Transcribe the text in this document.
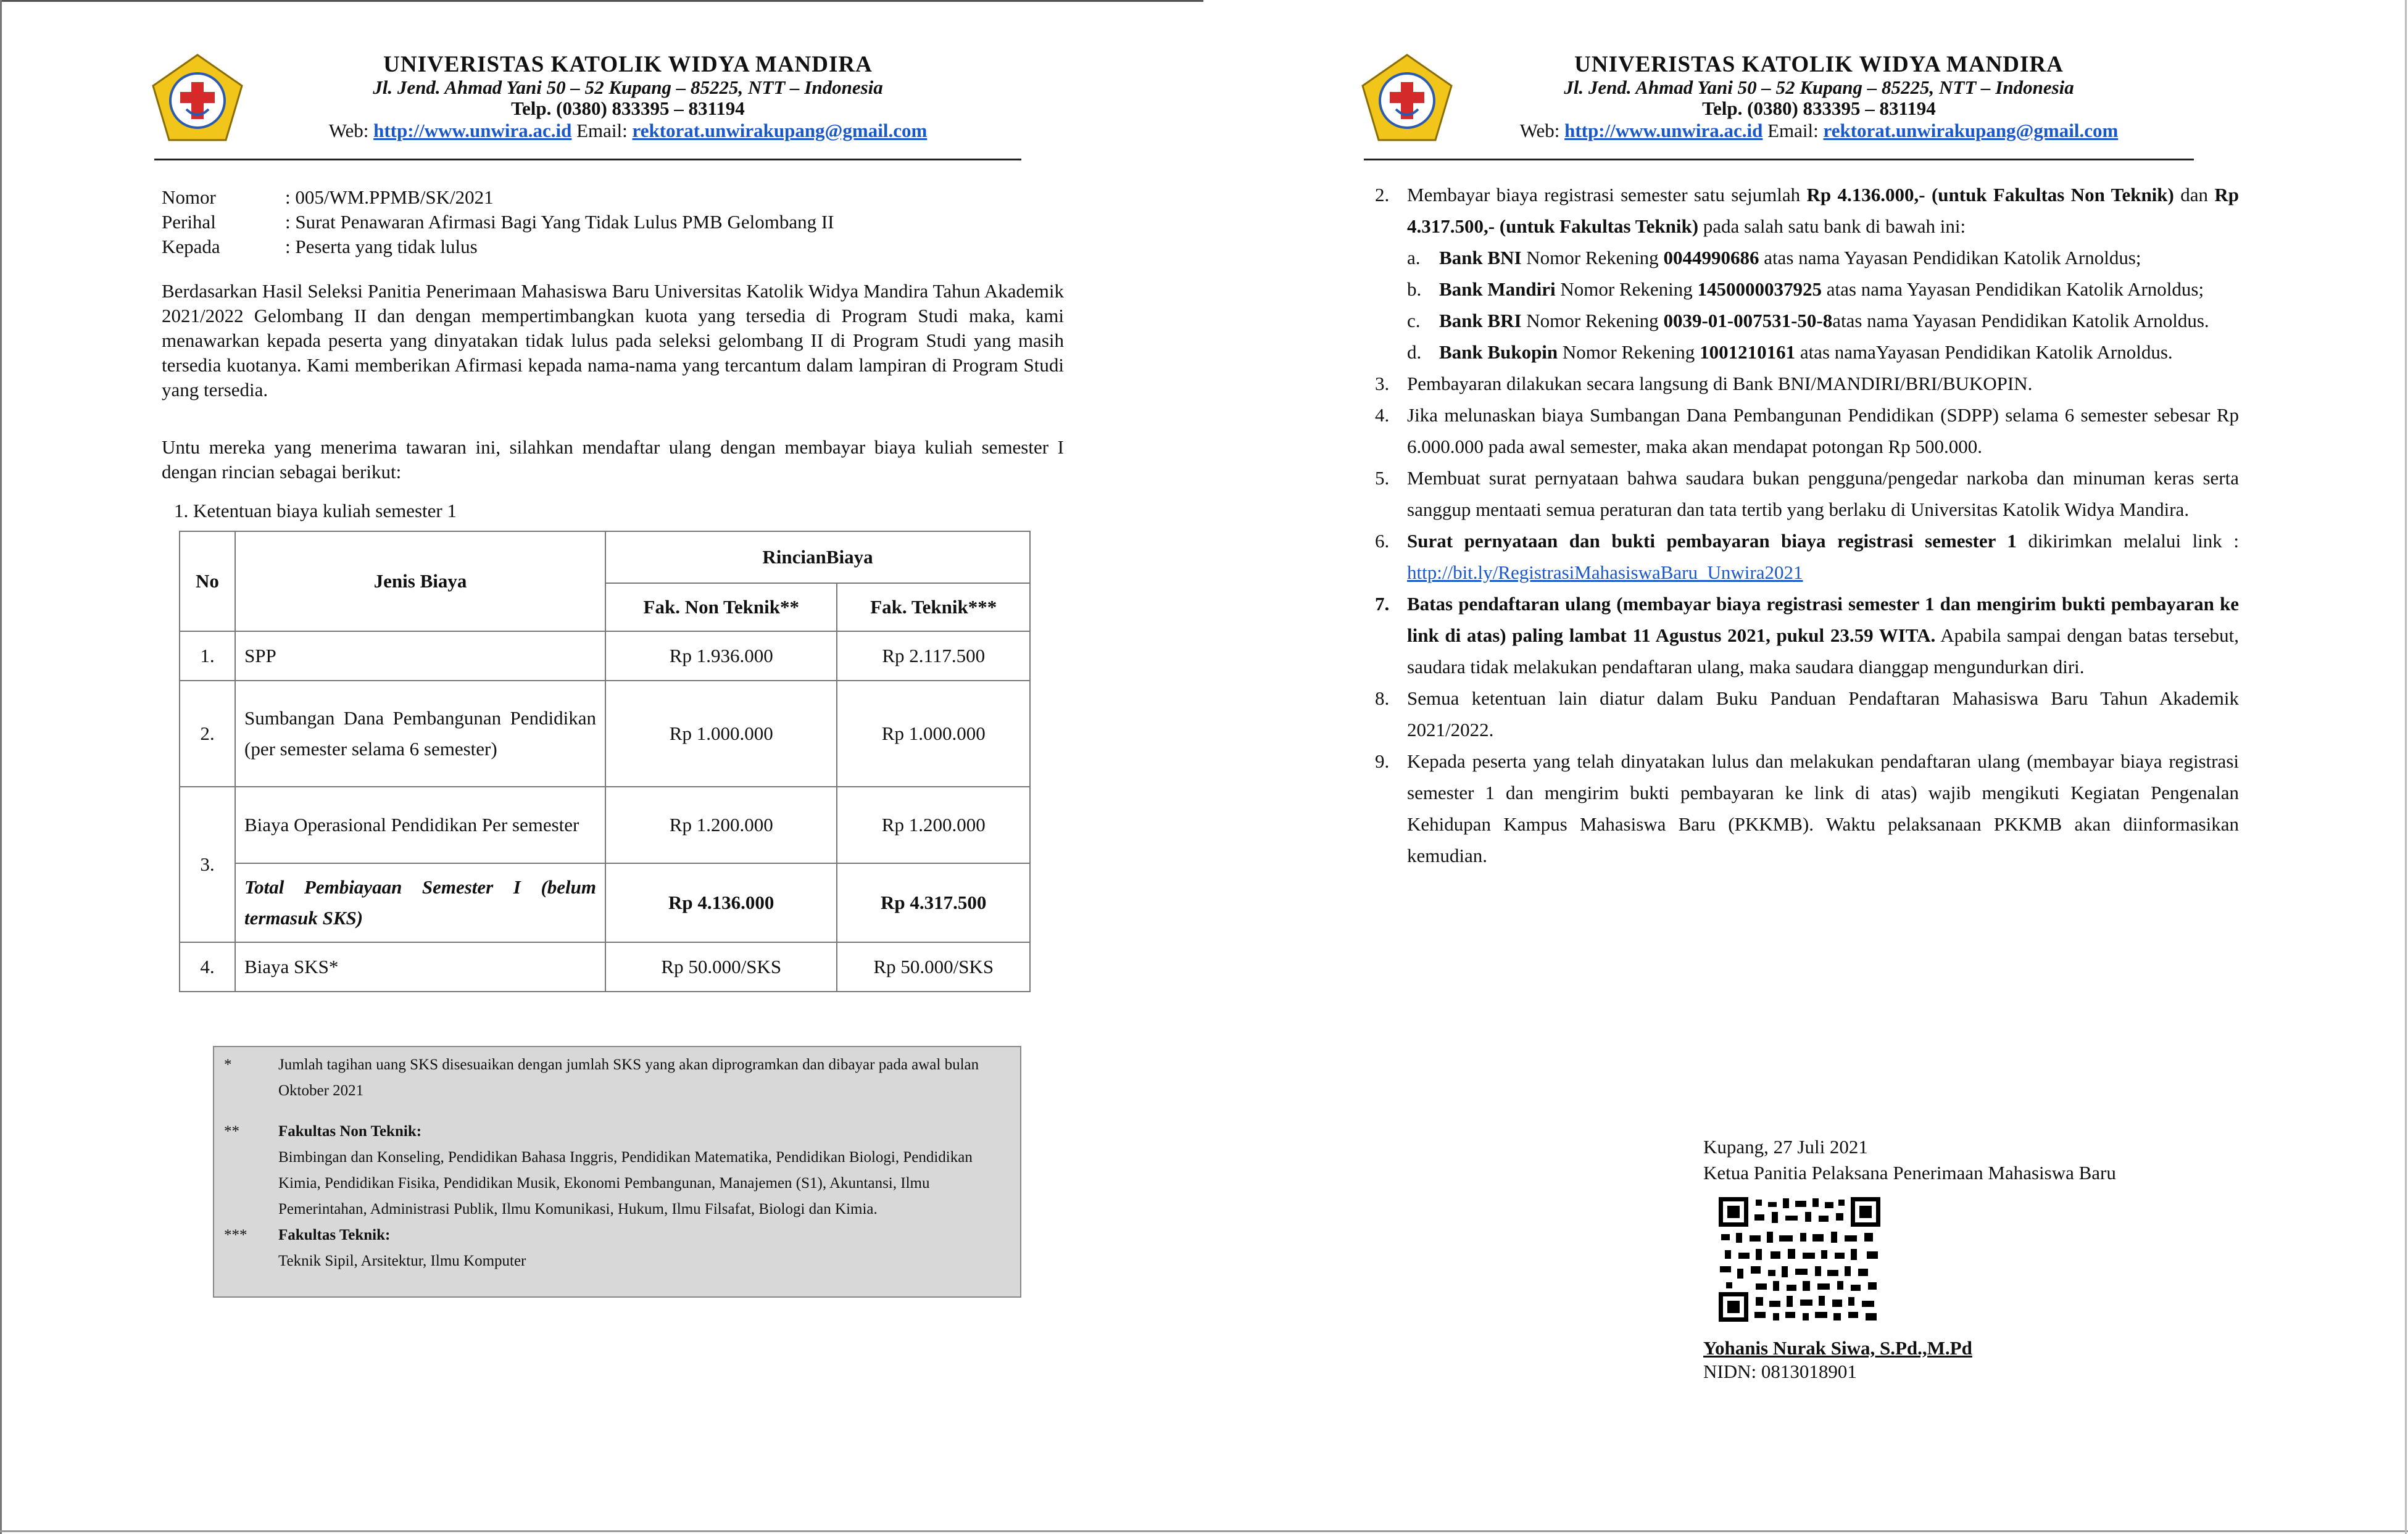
UNIVERISTAS KATOLIK WIDYA MANDIRA
Jl. Jend. Ahmad Yani 50 – 52 Kupang – 85225, NTT – Indonesia
Telp. (0380) 833395 – 831194
Web: http://www.unwira.ac.id Email: rektorat.unwirakupang@gmail.com
Nomor	: 005/WM.PPMB/SK/2021
Perihal	: Surat Penawaran Afirmasi Bagi Yang Tidak Lulus PMB Gelombang II
Kepada	: Peserta yang tidak lulus
Berdasarkan Hasil Seleksi Panitia Penerimaan Mahasiswa Baru Universitas Katolik Widya Mandira Tahun Akademik 2021/2022 Gelombang II dan dengan mempertimbangkan kuota yang tersedia di Program Studi maka, kami menawarkan kepada peserta yang dinyatakan tidak lulus pada seleksi gelombang II di Program Studi yang masih tersedia kuotanya. Kami memberikan Afirmasi kepada nama-nama yang tercantum dalam lampiran di Program Studi yang tersedia.
Untu mereka yang menerima tawaran ini, silahkan mendaftar ulang dengan membayar biaya kuliah semester I dengan rincian sebagai berikut:
1. Ketentuan biaya kuliah semester 1
No	Jenis Biaya	RincianBiaya	
		Fak. Non Teknik**	Fak. Teknik***
1.	SPP	Rp 1.936.000	Rp 2.117.500
2.	Sumbangan Dana Pembangunan Pendidikan (per semester selama 6 semester)	Rp 1.000.000	Rp 1.000.000
3.	Biaya Operasional Pendidikan Per semester	Rp 1.200.000	Rp 1.200.000
	Total Pembiayaan Semester I (belum termasuk SKS)	Rp 4.136.000	Rp 4.317.500
4.	Biaya SKS*	Rp 50.000/SKS	Rp 50.000/SKS
*	Jumlah tagihan uang SKS disesuaikan dengan jumlah SKS yang akan diprogramkan dan dibayar pada awal bulan Oktober 2021
**	Fakultas Non Teknik:
Bimbingan dan Konseling, Pendidikan Bahasa Inggris, Pendidikan Matematika, Pendidikan Biologi, Pendidikan Kimia, Pendidikan Fisika, Pendidikan Musik, Ekonomi Pembangunan, Manajemen (S1), Akuntansi, Ilmu Pemerintahan, Administrasi Publik, Ilmu Komunikasi, Hukum, Ilmu Filsafat, Biologi dan Kimia.
***	Fakultas Teknik:
Teknik Sipil, Arsitektur, Ilmu Komputer
UNIVERISTAS KATOLIK WIDYA MANDIRA
Jl. Jend. Ahmad Yani 50 – 52 Kupang – 85225, NTT – Indonesia
Telp. (0380) 833395 – 831194
Web: http://www.unwira.ac.id Email: rektorat.unwirakupang@gmail.com
2. Membayar biaya registrasi semester satu sejumlah Rp 4.136.000,- (untuk Fakultas Non Teknik) dan Rp 4.317.500,- (untuk Fakultas Teknik) pada salah satu bank di bawah ini:
a. Bank BNI Nomor Rekening 0044990686 atas nama Yayasan Pendidikan Katolik Arnoldus;
b. Bank Mandiri Nomor Rekening 1450000037925 atas nama Yayasan Pendidikan Katolik Arnoldus;
c. Bank BRI Nomor Rekening 0039-01-007531-50-8atas nama Yayasan Pendidikan Katolik Arnoldus.
d. Bank Bukopin Nomor Rekening 1001210161 atas namaYayasan Pendidikan Katolik Arnoldus.
3. Pembayaran dilakukan secara langsung di Bank BNI/MANDIRI/BRI/BUKOPIN.
4. Jika melunaskan biaya Sumbangan Dana Pembangunan Pendidikan (SDPP) selama 6 semester sebesar Rp 6.000.000 pada awal semester, maka akan mendapat potongan Rp 500.000.
5. Membuat surat pernyataan bahwa saudara bukan pengguna/pengedar narkoba dan minuman keras serta sanggup mentaati semua peraturan dan tata tertib yang berlaku di Universitas Katolik Widya Mandira.
6. Surat pernyataan dan bukti pembayaran biaya registrasi semester 1 dikirimkan melalui link : http://bit.ly/RegistrasiMahasiswaBaru_Unwira2021
7. Batas pendaftaran ulang (membayar biaya registrasi semester 1 dan mengirim bukti pembayaran ke link di atas) paling lambat 11 Agustus 2021, pukul 23.59 WITA. Apabila sampai dengan batas tersebut, saudara tidak melakukan pendaftaran ulang, maka saudara dianggap mengundurkan diri.
8. Semua ketentuan lain diatur dalam Buku Panduan Pendaftaran Mahasiswa Baru Tahun Akademik 2021/2022.
9. Kepada peserta yang telah dinyatakan lulus dan melakukan pendaftaran ulang (membayar biaya registrasi semester 1 dan mengirim bukti pembayaran ke link di atas) wajib mengikuti Kegiatan Pengenalan Kehidupan Kampus Mahasiswa Baru (PKKMB). Waktu pelaksanaan PKKMB akan diinformasikan kemudian.
Kupang, 27 Juli 2021
Ketua Panitia Pelaksana Penerimaan Mahasiswa Baru
Yohanis Nurak Siwa, S.Pd.,M.Pd
NIDN: 0813018901
